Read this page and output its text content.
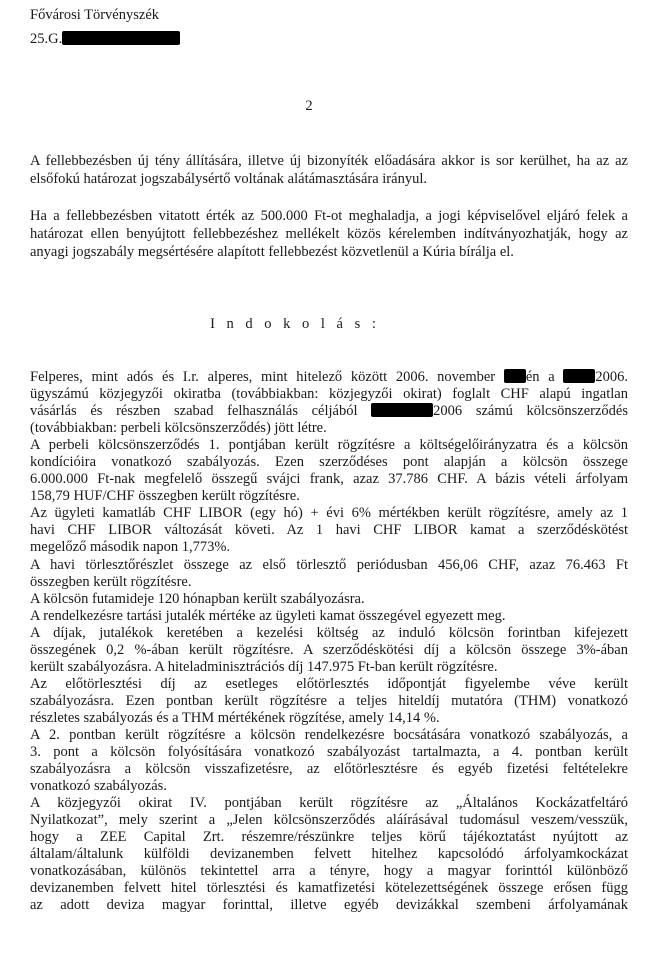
Fővárosi Törvényszék
25.G.
2
A fellebbezésben új tény állítására, illetve új bizonyíték előadására akkor is sor kerülhet, ha az az elsőfokú határozat jogszabálysértő voltának alátámasztására irányul.
Ha a fellebbezésben vitatott érték az 500.000 Ft-ot meghaladja, a jogi képviselővel eljáró felek a határozat ellen benyújtott fellebbezéshez mellékelt közös kérelemben indítványozhatják, hogy az anyagi jogszabály megsértésére alapított fellebbezést közvetlenül a Kúria bírálja el.
I n d o k o l á s :

Felperes, mint adós és I.r. alperes, mint hitelező között 2006. november én a	2006.
ügyszámú közjegyzői okiratba (továbbiakban: közjegyzői okirat) foglalt CHF alapú ingatlan
vásárlás és részben szabad felhasználás céljából	2006 számú kölcsönszerződés
(továbbiakban: perbeli kölcsönszerződés) jött létre.

A perbeli kölcsönszerződés 1. pontjában került rögzítésre a költségelőirányzatra és a kölcsön
kondícióira vonatkozó szabályozás. Ezen szerződéses pont alapján a kölcsön összege
6.000.000 Ft-nak megfelelő összegű svájci frank, azaz 37.786 CHF. A bázis vételi árfolyam
158,79 HUF/CHF összegben került rögzítésre.

Az ügyleti kamatláb CHF LIBOR (egy hó) + évi 6% mértékben került rögzítésre, amely az 1
havi CHF LIBOR változását követi. Az 1 havi CHF LIBOR kamat a szerződéskötést
megelőző második napon 1,773%.

A havi törlesztőrészlet összege az első törlesztő periódusban 456,06 CHF, azaz 76.463 Ft
összegben került rögzítésre.

A kölcsön futamideje 120 hónapban került szabályozásra.

A rendelkezésre tartási jutalék mértéke az ügyleti kamat összegével egyezett meg.

A díjak, jutalékok keretében a kezelési költség az induló kölcsön forintban kifejezett
összegének 0,2 %-ában került rögzítésre. A szerződéskötési díj a kölcsön összege 3%-ában
került szabályozásra. A hiteladminisztrációs díj 147.975 Ft-ban került rögzítésre.

Az előtörlesztési díj az esetleges előtörlesztés időpontját figyelembe véve került
szabályozásra. Ezen pontban került rögzítésre a teljes hiteldíj mutatóra (THM) vonatkozó
részletes szabályozás és a THM mértékének rögzítése, amely 14,14 %.

A 2. pontban került rögzítésre a kölcsön rendelkezésre bocsátására vonatkozó szabályozás, a
3. pont a kölcsön folyósítására vonatkozó szabályozást tartalmazta, a 4. pontban került
szabályozásra a kölcsön visszafizetésre, az előtörlesztésre és egyéb fizetési feltételekre
vonatkozó szabályozás.

A közjegyzői okirat IV. pontjában került rögzítésre az „Általános Kockázatfeltáró
Nyilatkozat”, mely szerint a „Jelen kölcsönszerződés aláírásával tudomásul veszem/vesszük,
hogy a ZEE Capital Zrt. részemre/részünkre teljes körű tájékoztatást nyújtott az
általam/általunk külföldi devizanemben felvett hitelhez kapcsolódó árfolyamkockázat
vonatkozásában, különös tekintettel arra a tényre, hogy a magyar forinttól különböző
devizanemben felvett hitel törlesztési és kamatfizetési kötelezettségének összege erősen függ
az adott deviza magyar forinttal, illetve egyéb devizákkal szembeni árfolyamának
